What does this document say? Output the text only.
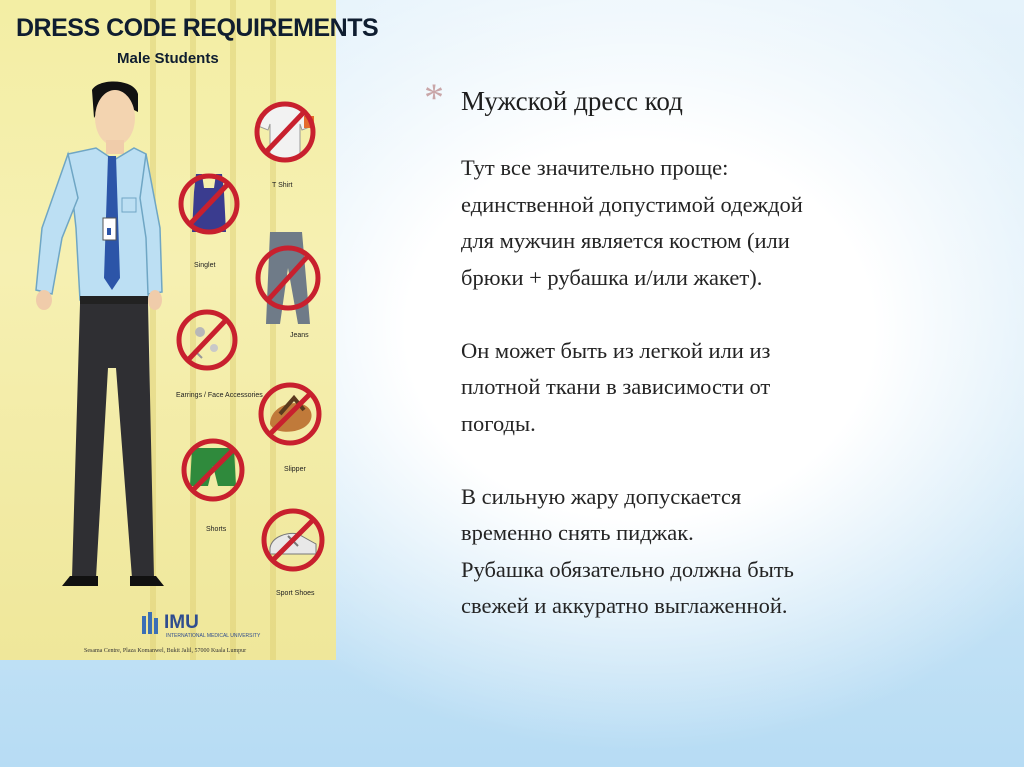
DRESS CODE REQUIREMENTS
Male Students
T Shirt
Singlet
Jeans
Earrings / Face Accessories
Slipper
Shorts
Sport Shoes
IMU
INTERNATIONAL MEDICAL UNIVERSITY
Sesama Centre, Plaza Komanwel, Bukit Jalil, 57000 Kuala Lumpur
* Мужской дресс код

Тут все значительно проще:

единственной допустимой одеждой

для мужчин является костюм (или

брюки + рубашка и/или жакет).

Он может быть из легкой или из

плотной ткани в зависимости от

погоды.

В сильную жару допускается

временно снять пиджак.

Рубашка обязательно должна быть

свежей и аккуратно выглаженной.
